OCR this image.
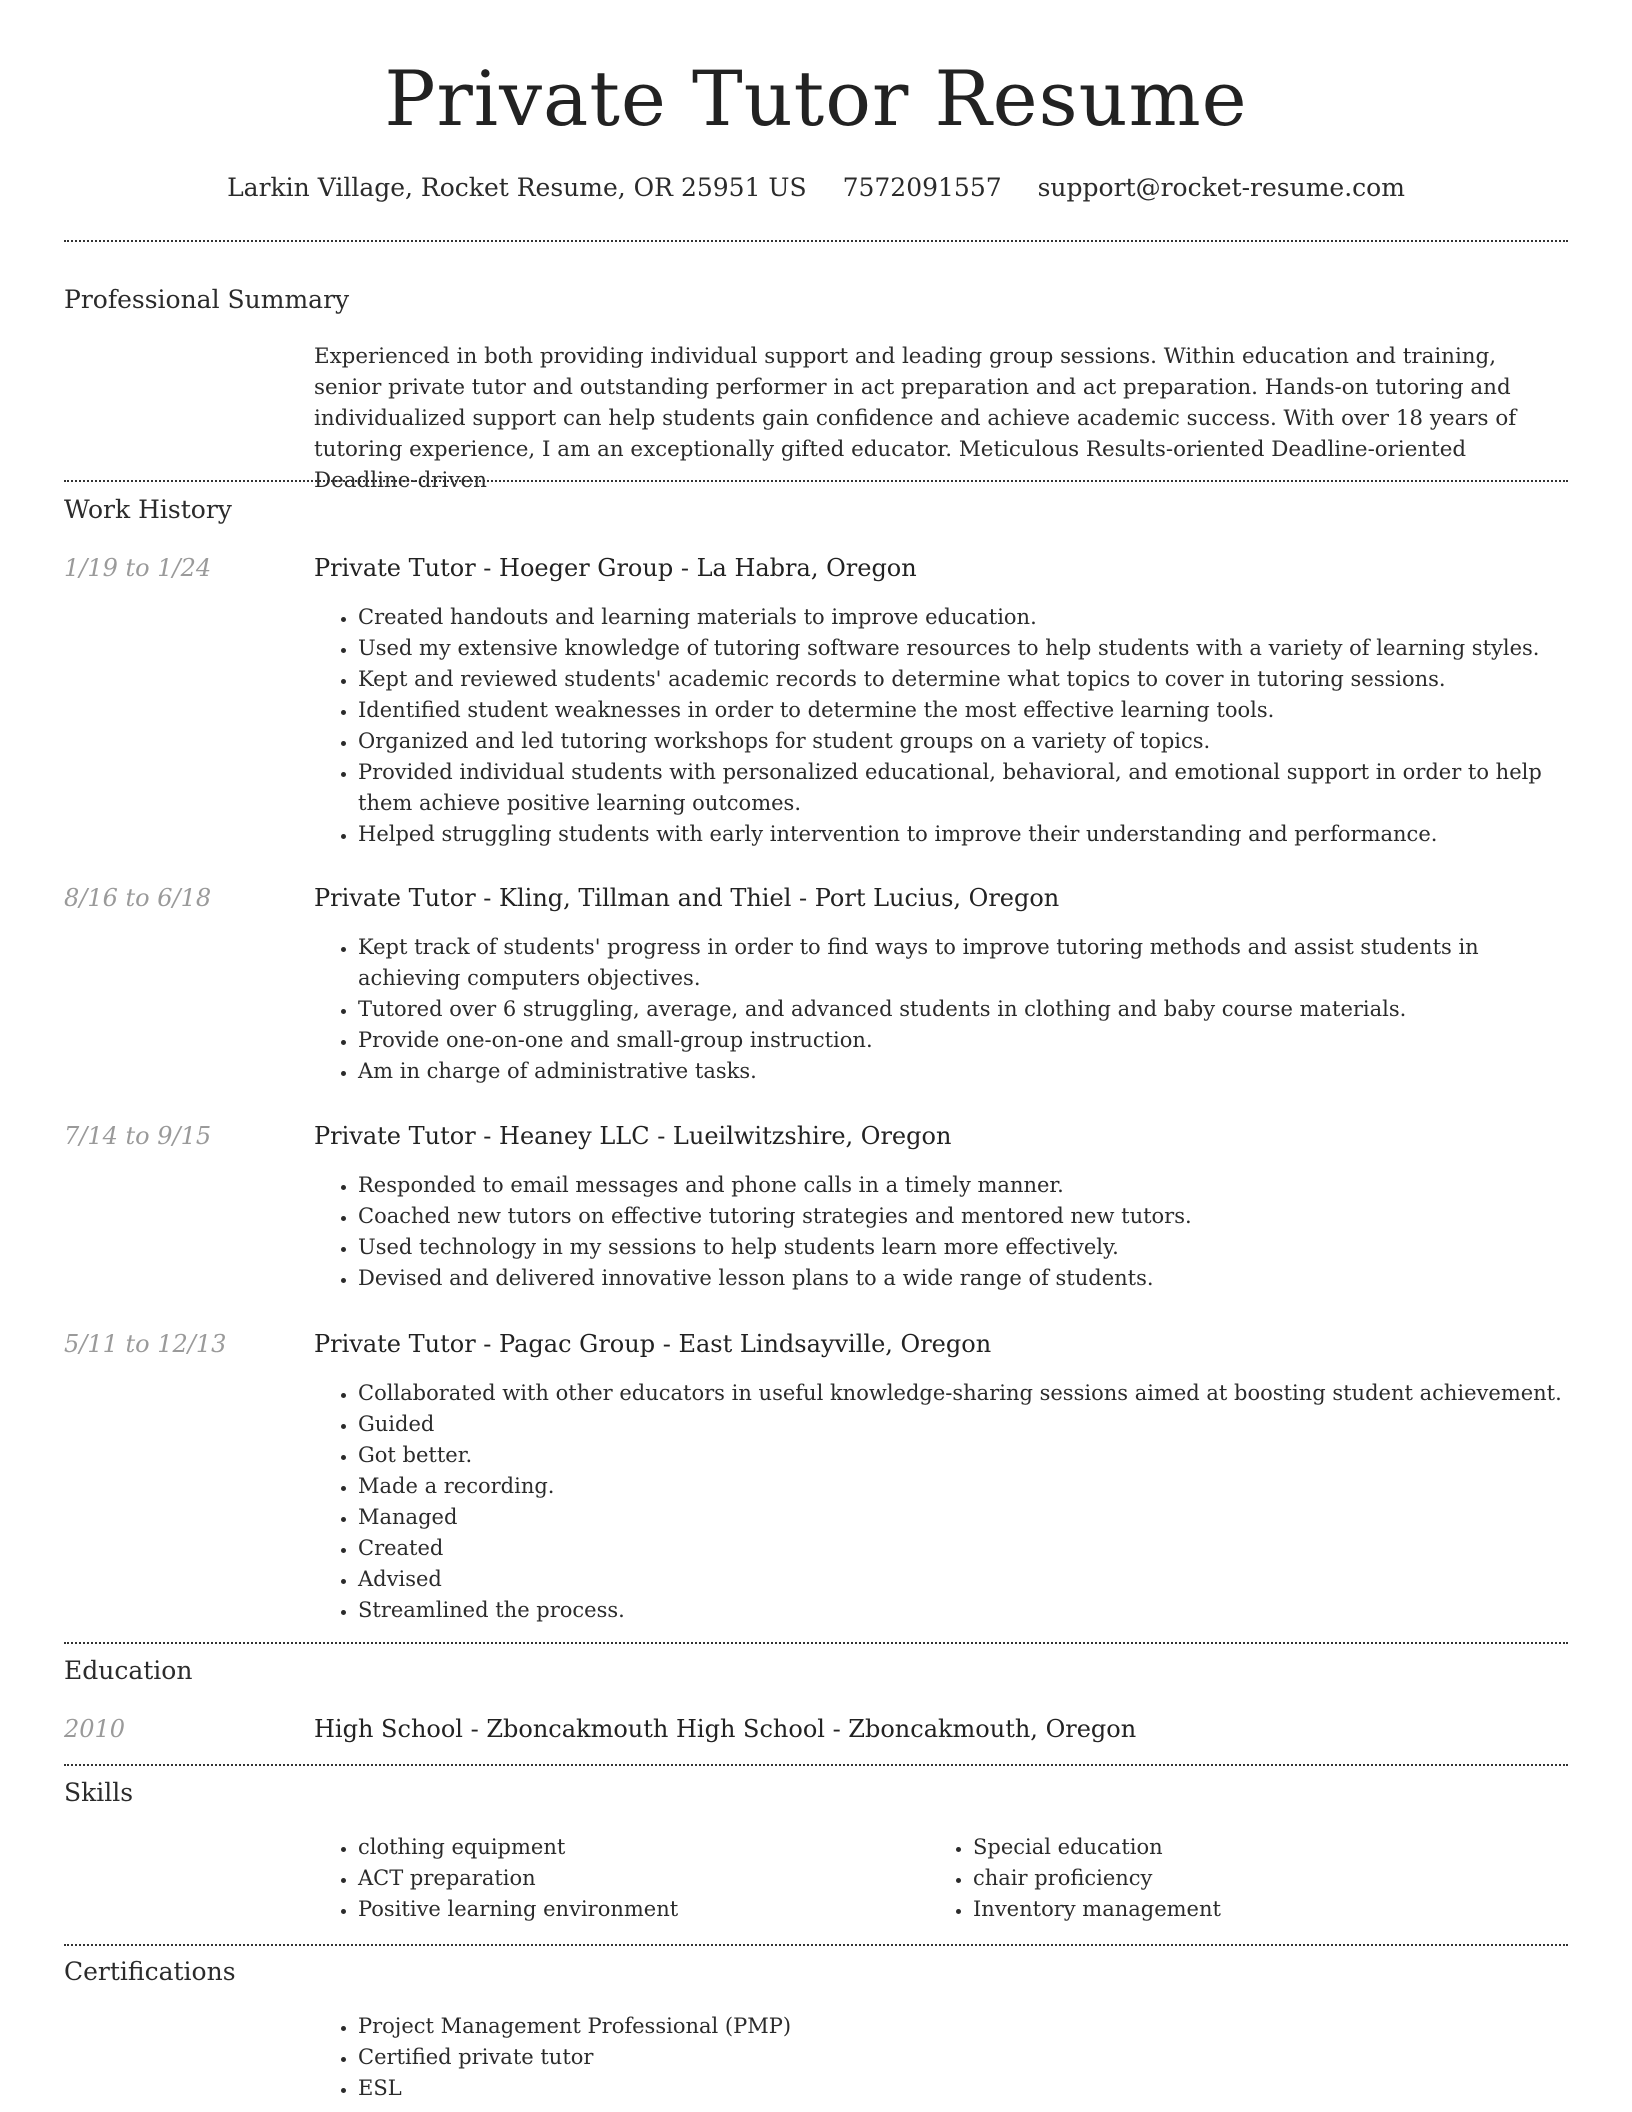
Private Tutor Resume
Larkin Village, Rocket Resume, OR 25951 US 7572091557 support@rocket-resume.com
Professional Summary
Experienced in both providing individual support and leading group sessions. Within education and training, senior private tutor and outstanding performer in act preparation and act preparation. Hands-on tutoring and individualized support can help students gain confidence and achieve academic success. With over 18 years of tutoring experience, I am an exceptionally gifted educator. Meticulous Results-oriented Deadline-oriented Deadline-driven
Work History
1/19 to 1/24	Private Tutor - Hoeger Group - La Habra, Oregon
• Created handouts and learning materials to improve education.
• Used my extensive knowledge of tutoring software resources to help students with a variety of learning styles.
• Kept and reviewed students' academic records to determine what topics to cover in tutoring sessions.
• Identified student weaknesses in order to determine the most effective learning tools.
• Organized and led tutoring workshops for student groups on a variety of topics.
• Provided individual students with personalized educational, behavioral, and emotional support in order to help them achieve positive learning outcomes.
• Helped struggling students with early intervention to improve their understanding and performance.
8/16 to 6/18	Private Tutor - Kling, Tillman and Thiel - Port Lucius, Oregon
• Kept track of students' progress in order to find ways to improve tutoring methods and assist students in achieving computers objectives.
• Tutored over 6 struggling, average, and advanced students in clothing and baby course materials.
• Provide one-on-one and small-group instruction.
• Am in charge of administrative tasks.
7/14 to 9/15	Private Tutor - Heaney LLC - Lueilwitzshire, Oregon
• Responded to email messages and phone calls in a timely manner.
• Coached new tutors on effective tutoring strategies and mentored new tutors.
• Used technology in my sessions to help students learn more effectively.
• Devised and delivered innovative lesson plans to a wide range of students.
5/11 to 12/13	Private Tutor - Pagac Group - East Lindsayville, Oregon
• Collaborated with other educators in useful knowledge-sharing sessions aimed at boosting student achievement.
• Guided
• Got better.
• Made a recording.
• Managed
• Created
• Advised
• Streamlined the process.
Education
2010	High School - Zboncakmouth High School - Zboncakmouth, Oregon
Skills
• clothing equipment
• ACT preparation
• Positive learning environment
• Special education
• chair proficiency
• Inventory management
Certifications
• Project Management Professional (PMP)
• Certified private tutor
• ESL
